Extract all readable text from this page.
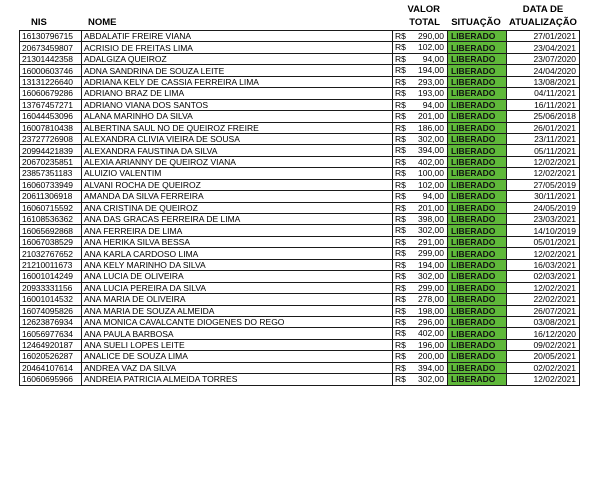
NIS	NOME
VALOR
TOTAL	SITUAÇÃO
DATA DE
ATUALIZAÇÃO
16130796715	ABDALATIF FREIRE VIANA	R$ 290,00	LIBERADO	27/01/2021
20673459807	ACRISIO DE FREITAS LIMA	R$ 102,00	LIBERADO	23/04/2021
21301442358	ADALGIZA QUEIROZ	R$ 94,00	LIBERADO	23/07/2020
16000603746	ADNA SANDRINA DE SOUZA LEITE	R$ 194,00	LIBERADO	24/04/2020
13131226640	ADRIANA KELY DE CASSIA FERREIRA LIMA	R$ 293,00	LIBERADO	13/08/2021
16060679286	ADRIANO BRAZ DE LIMA	R$ 193,00	LIBERADO	04/11/2021
13767457271	ADRIANO VIANA DOS SANTOS	R$ 94,00	LIBERADO	16/11/2021
16044453096	ALANA MARINHO DA SILVA	R$ 201,00	LIBERADO	25/06/2018
16007810438	ALBERTINA SAUL NO DE QUEIROZ FREIRE	R$ 186,00	LIBERADO	26/01/2021
23727726908	ALEXANDRA CLIVIA VIEIRA DE SOUSA	R$ 302,00	LIBERADO	23/11/2021
20994421839	ALEXANDRA FAUSTINA DA SILVA	R$ 394,00	LIBERADO	05/11/2021
20670235851	ALEXIA ARIANNY DE QUEIROZ VIANA	R$ 402,00	LIBERADO	12/02/2021
23857351183	ALUIZIO VALENTIM	R$ 100,00	LIBERADO	12/02/2021
16060733949	ALVANI ROCHA DE QUEIROZ	R$ 102,00	LIBERADO	27/05/2019
20611306918	AMANDA DA SILVA FERREIRA	R$ 94,00	LIBERADO	30/11/2021
16060715592	ANA CRISTINA DE QUEIROZ	R$ 201,00	LIBERADO	24/05/2019
16108536362	ANA DAS GRACAS FERREIRA DE LIMA	R$ 398,00	LIBERADO	23/03/2021
16065692868	ANA FERREIRA DE LIMA	R$ 302,00	LIBERADO	14/10/2019
16067038529	ANA HERIKA SILVA BESSA	R$ 291,00	LIBERADO	05/01/2021
21032767652	ANA KARLA CARDOSO LIMA	R$ 299,00	LIBERADO	12/02/2021
21210011673	ANA KELY MARINHO DA SILVA	R$ 194,00	LIBERADO	16/03/2021
16001014249	ANA LUCIA DE OLIVEIRA	R$ 302,00	LIBERADO	02/03/2021
20933331156	ANA LUCIA PEREIRA DA SILVA	R$ 299,00	LIBERADO	12/02/2021
16001014532	ANA MARIA DE OLIVEIRA	R$ 278,00	LIBERADO	22/02/2021
16074095826	ANA MARIA DE SOUZA ALMEIDA	R$ 198,00	LIBERADO	26/07/2021
12623876934	ANA MONICA CAVALCANTE DIOGENES DO REGO	R$ 296,00	LIBERADO	03/08/2021
16056977634	ANA PAULA BARBOSA	R$ 402,00	LIBERADO	16/12/2020
12464920187	ANA SUELI LOPES LEITE	R$ 196,00	LIBERADO	09/02/2021
16020526287	ANALICE DE SOUZA LIMA	R$ 200,00	LIBERADO	20/05/2021
20464107614	ANDREA VAZ DA SILVA	R$ 394,00	LIBERADO	02/02/2021
16060695966	ANDREIA PATRICIA ALMEIDA TORRES	R$ 302,00	LIBERADO	12/02/2021
